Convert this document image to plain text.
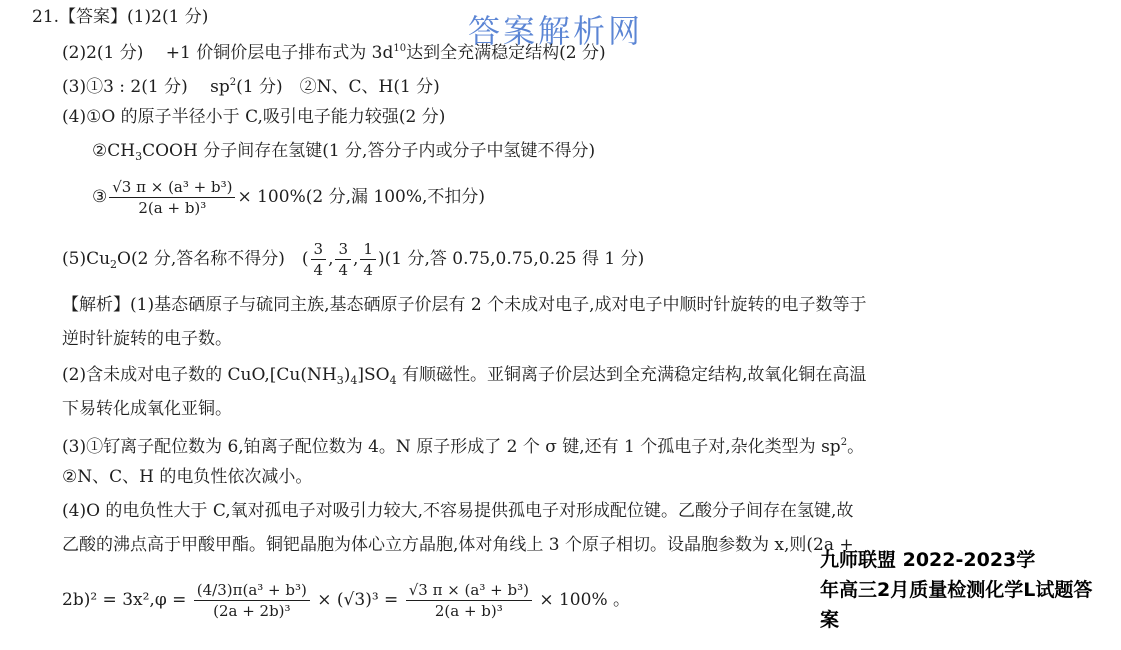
答案解析网
21.【答案】(1)2(1 分)
(2)2(1 分)　 +1 价铜价层电子排布式为 $3d^{10}$达到全充满稳定结构(2 分)
(3)①3 : 2(1 分)　 $sp^2(1$ 分)　②N、C、H(1 分)
(4)①O 的原子半径小于 C,吸引电子能力较强(2 分)
$②CH_3COOH$ 分子间存在氢键(1 分,答分子内或分子中氢键不得分)
③ $\frac{\text{√3 π × (a³ + b³)}}{\text{2(a + b)³}} \times 100\%(2$ 分,漏 100%,不扣分)
$(5)Cu_2O(2$ 分,答名称不得分)　( $\frac{3}{4}$ , $\frac{3}{4}$ , $\frac{1}{4} )(1$ 分,答 0.75,0.75,0.25 得 1 分)
【解析】(1)基态硒原子与硫同主族,基态硒原子价层有 2 个未成对电子,成对电子中顺时针旋转的电子数等于
逆时针旋转的电子数。
(2)含未成对电子数的 $CuO,[Cu(NH_3)_4]SO_4$ 有顺磁性。亚铜离子价层达到全充满稳定结构,故氧化铜在高温
下易转化成氧化亚铜。
(3)①钌离子配位数为 6,铂离子配位数为 4。N 原子形成了 2 个 σ 键,还有 1 个孤电子对,杂化类型为 $sp^2$。
②N、C、H 的电负性依次减小。
(4)O 的电负性大于 C,氧对孤电子对吸引力较大,不容易提供孤电子对形成配位键。乙酸分子间存在氢键,故
乙酸的沸点高于甲酸甲酯。铜钯晶胞为体心立方晶胞,体对角线上 3 个原子相切。设晶胞参数为 x,则(2a +
$2b)^2 = 3x^2,\varphi = \frac{\text{(4/3)π(a³ + b³)}}{\text{(2a + 2b)³}} \times (√3)^3 = \frac{\text{√3 π × (a³ + b³)}}{\text{2(a + b)³}} \times 100\%$ 。
九师联盟 2022-2023学
年高三2月质量检测化学L试题答
案
